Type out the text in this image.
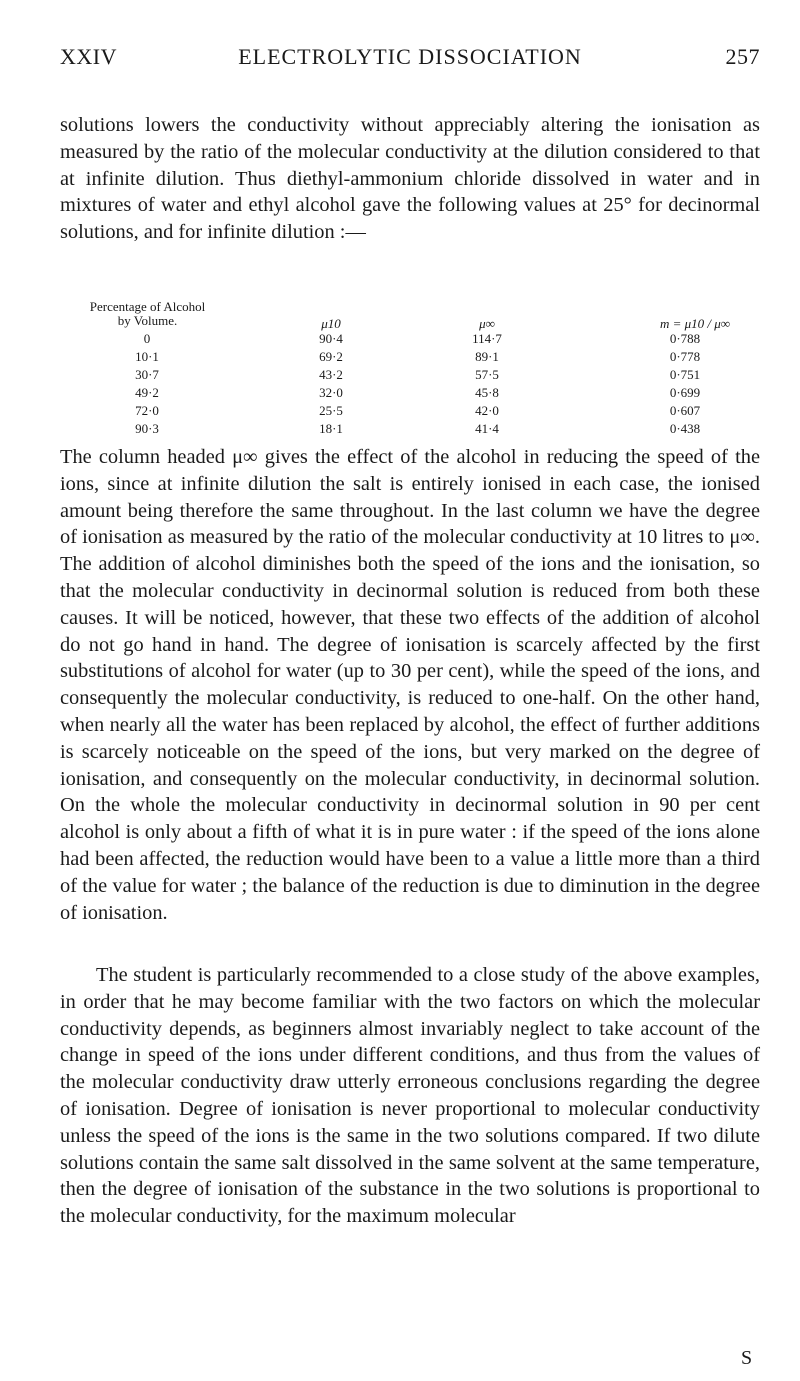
XXIV	ELECTROLYTIC DISSOCIATION	257

solutions lowers the conductivity without appreciably altering the ionisation as measured by the ratio of the molecular conductivity at the dilution considered to that at infinite dilution. Thus diethyl-ammonium chloride dissolved in water and in mixtures of water and ethyl alcohol gave the following values at 25° for decinormal solutions, and for infinite dilution :—

Percentage of Alcohol
by Volume.	μ10	μ∞	m = μ10 / μ∞
0	90·4	114·7	0·788
10·1	69·2	89·1	0·778
30·7	43·2	57·5	0·751
49·2	32·0	45·8	0·699
72·0	25·5	42·0	0·607
90·3	18·1	41·4	0·438

The column headed μ∞ gives the effect of the alcohol in reducing the speed of the ions, since at infinite dilution the salt is entirely ionised in each case, the ionised amount being therefore the same throughout. In the last column we have the degree of ionisation as measured by the ratio of the molecular conductivity at 10 litres to μ∞. The addition of alcohol diminishes both the speed of the ions and the ionisation, so that the molecular conductivity in decinormal solution is reduced from both these causes. It will be noticed, however, that these two effects of the addition of alcohol do not go hand in hand. The degree of ionisation is scarcely affected by the first substitutions of alcohol for water (up to 30 per cent), while the speed of the ions, and consequently the molecular conductivity, is reduced to one-half. On the other hand, when nearly all the water has been replaced by alcohol, the effect of further additions is scarcely noticeable on the speed of the ions, but very marked on the degree of ionisation, and consequently on the molecular conductivity, in decinormal solution. On the whole the molecular conductivity in decinormal solution in 90 per cent alcohol is only about a fifth of what it is in pure water : if the speed of the ions alone had been affected, the reduction would have been to a value a little more than a third of the value for water ; the balance of the reduction is due to diminution in the degree of ionisation.

The student is particularly recommended to a close study of the above examples, in order that he may become familiar with the two factors on which the molecular conductivity depends, as beginners almost invariably neglect to take account of the change in speed of the ions under different conditions, and thus from the values of the molecular conductivity draw utterly erroneous conclusions regarding the degree of ionisation. Degree of ionisation is never proportional to molecular conductivity unless the speed of the ions is the same in the two solutions compared. If two dilute solutions contain the same salt dissolved in the same solvent at the same temperature, then the degree of ionisation of the substance in the two solutions is proportional to the molecular conductivity, for the maximum molecular

S
